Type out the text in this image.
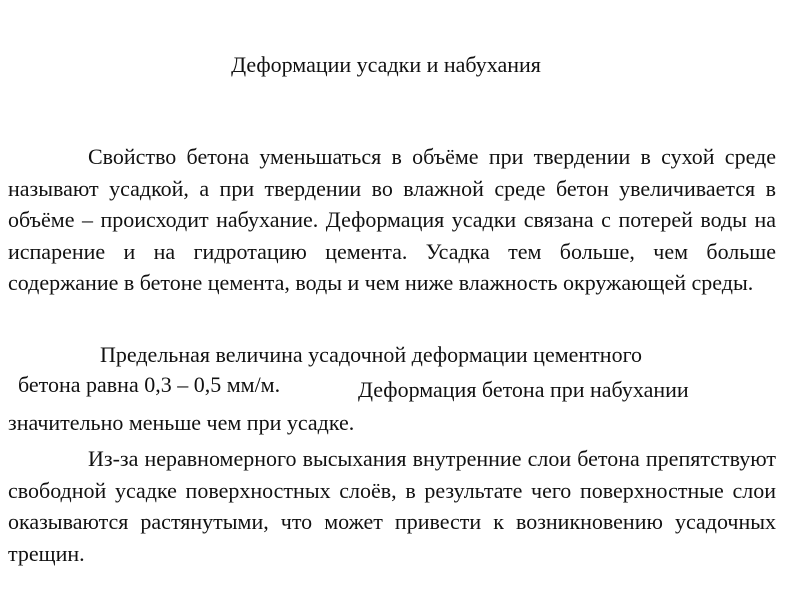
Деформации усадки и набухания

Свойство бетона уменьшаться в объёме при твердении в сухой среде называют усадкой, а при твердении во влажной среде бетон увеличивается в объёме – происходит набухание. Деформация усадки связана с потерей воды на испарение и на гидротацию цемента. Усадка тем больше, чем больше содержание в бетоне цемента, воды и чем ниже влажность окружающей среды.

Предельная величина усадочной деформации цементного
бетона равна 0,3 – 0,5 мм/м.	Деформация бетона при набухании
значительно меньше чем при усадке.

Из-за неравномерного высыхания внутренние слои бетона препятствуют свободной усадке поверхностных слоёв, в результате чего поверхностные слои оказываются растянутыми, что может привести к возникновению усадочных трещин.
